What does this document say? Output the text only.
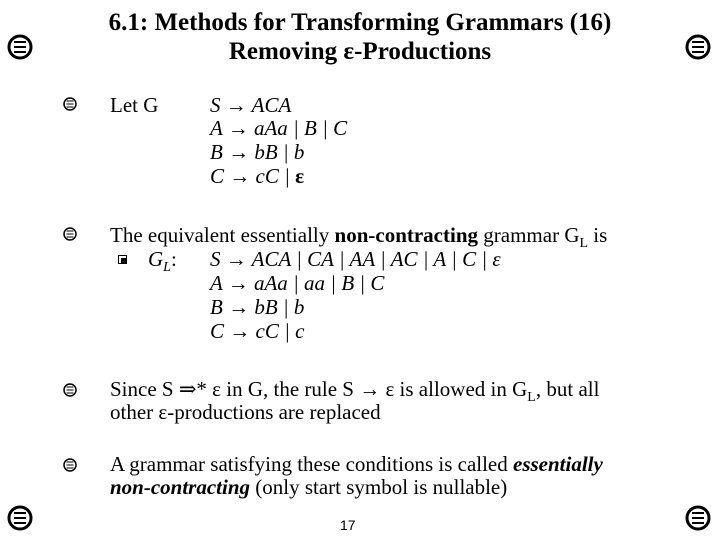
6.1: Methods for Transforming Grammars (16)
Removing ε-Productions
Let G S → ACA
A → aAa | B | C
B → bB | b
C → cC | ε
The equivalent essentially non-contracting grammar $G_L$ is
$G_L$: S → ACA | CA | AA | AC | A | C | ε
A → aAa | aa | B | C
B → bB | b
C → cC | c
Since S ⇒* ε in G, the rule S → ε is allowed in $G_L$, but all
other ε-productions are replaced
A grammar satisfying these conditions is called essentially
non-contracting (only start symbol is nullable)
17
